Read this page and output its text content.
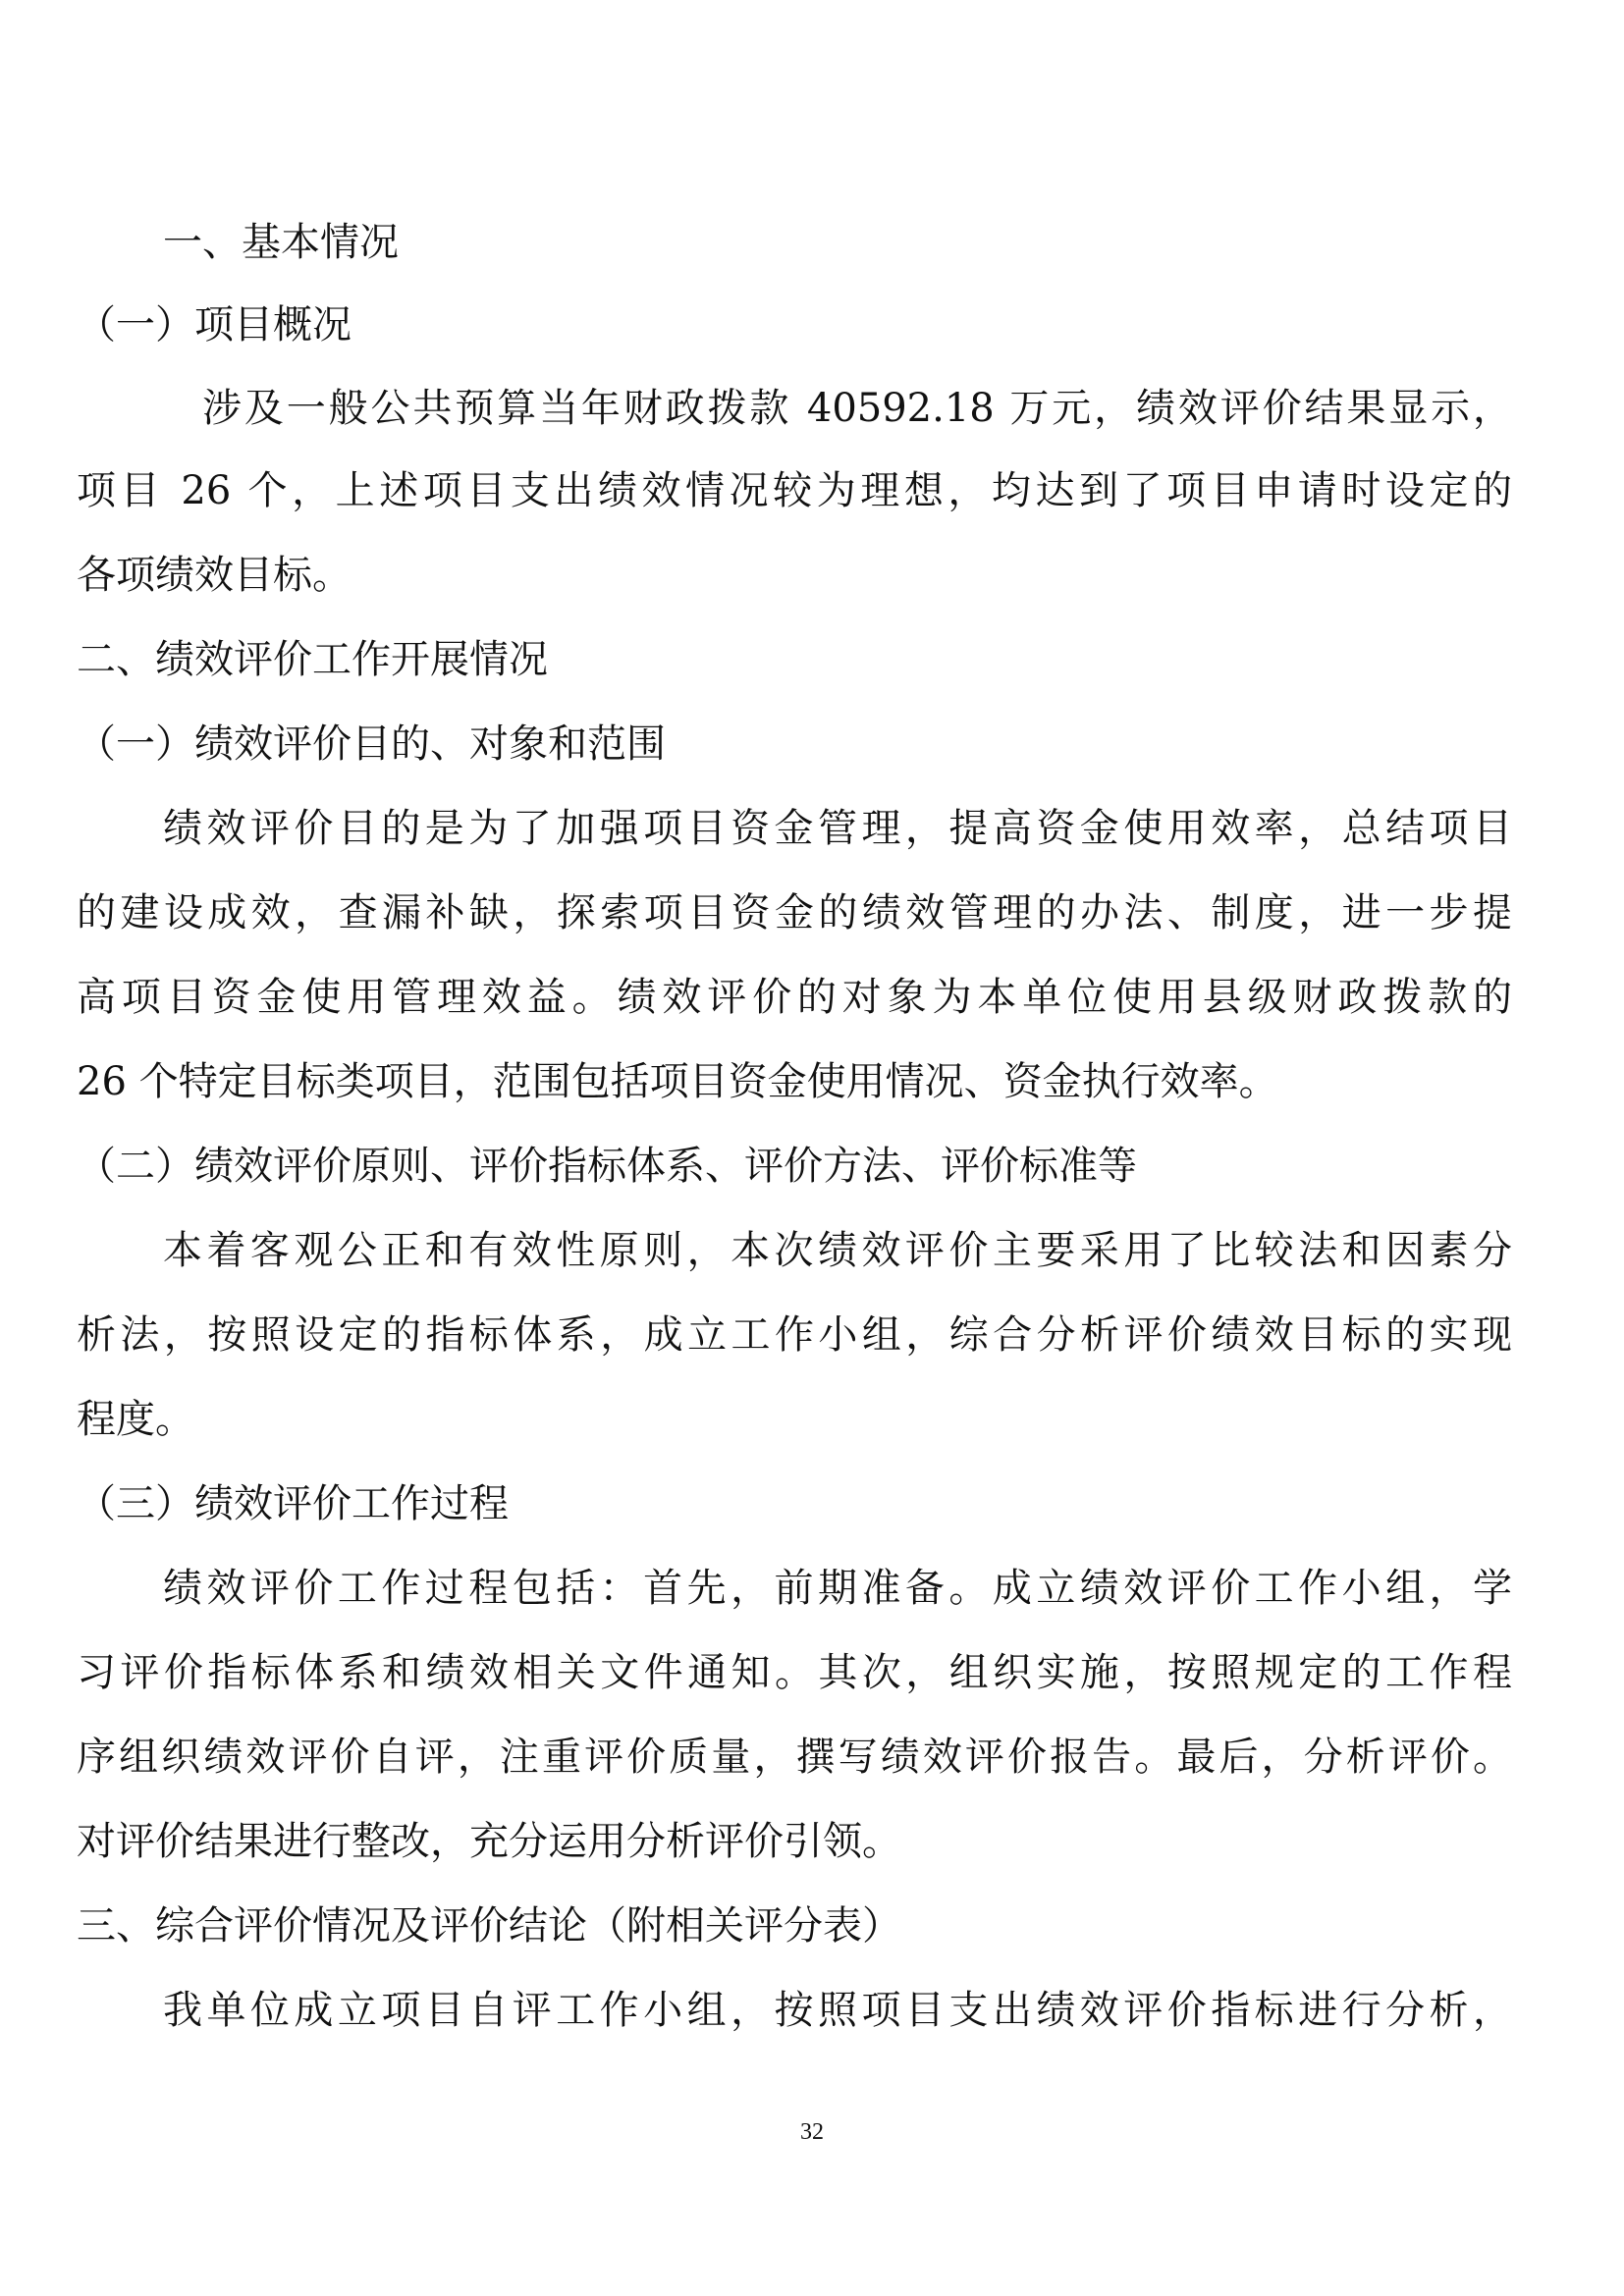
一、基本情况
（一）项目概况
涉及一般公共预算当年财政拨款 40592.18 万元，绩效评价结果显示，
项目 26 个，上述项目支出绩效情况较为理想，均达到了项目申请时设定的
各项绩效目标。
二、绩效评价工作开展情况
（一）绩效评价目的、对象和范围
绩效评价目的是为了加强项目资金管理，提高资金使用效率，总结项目
的建设成效，查漏补缺，探索项目资金的绩效管理的办法、制度，进一步提
高项目资金使用管理效益。绩效评价的对象为本单位使用县级财政拨款的
26 个特定目标类项目，范围包括项目资金使用情况、资金执行效率。
（二）绩效评价原则、评价指标体系、评价方法、评价标准等
本着客观公正和有效性原则，本次绩效评价主要采用了比较法和因素分
析法，按照设定的指标体系，成立工作小组，综合分析评价绩效目标的实现
程度。
（三）绩效评价工作过程
绩效评价工作过程包括：首先，前期准备。成立绩效评价工作小组，学
习评价指标体系和绩效相关文件通知。其次，组织实施，按照规定的工作程
序组织绩效评价自评，注重评价质量，撰写绩效评价报告。最后，分析评价。
对评价结果进行整改，充分运用分析评价引领。
三、综合评价情况及评价结论（附相关评分表）
我单位成立项目自评工作小组，按照项目支出绩效评价指标进行分析，
32
